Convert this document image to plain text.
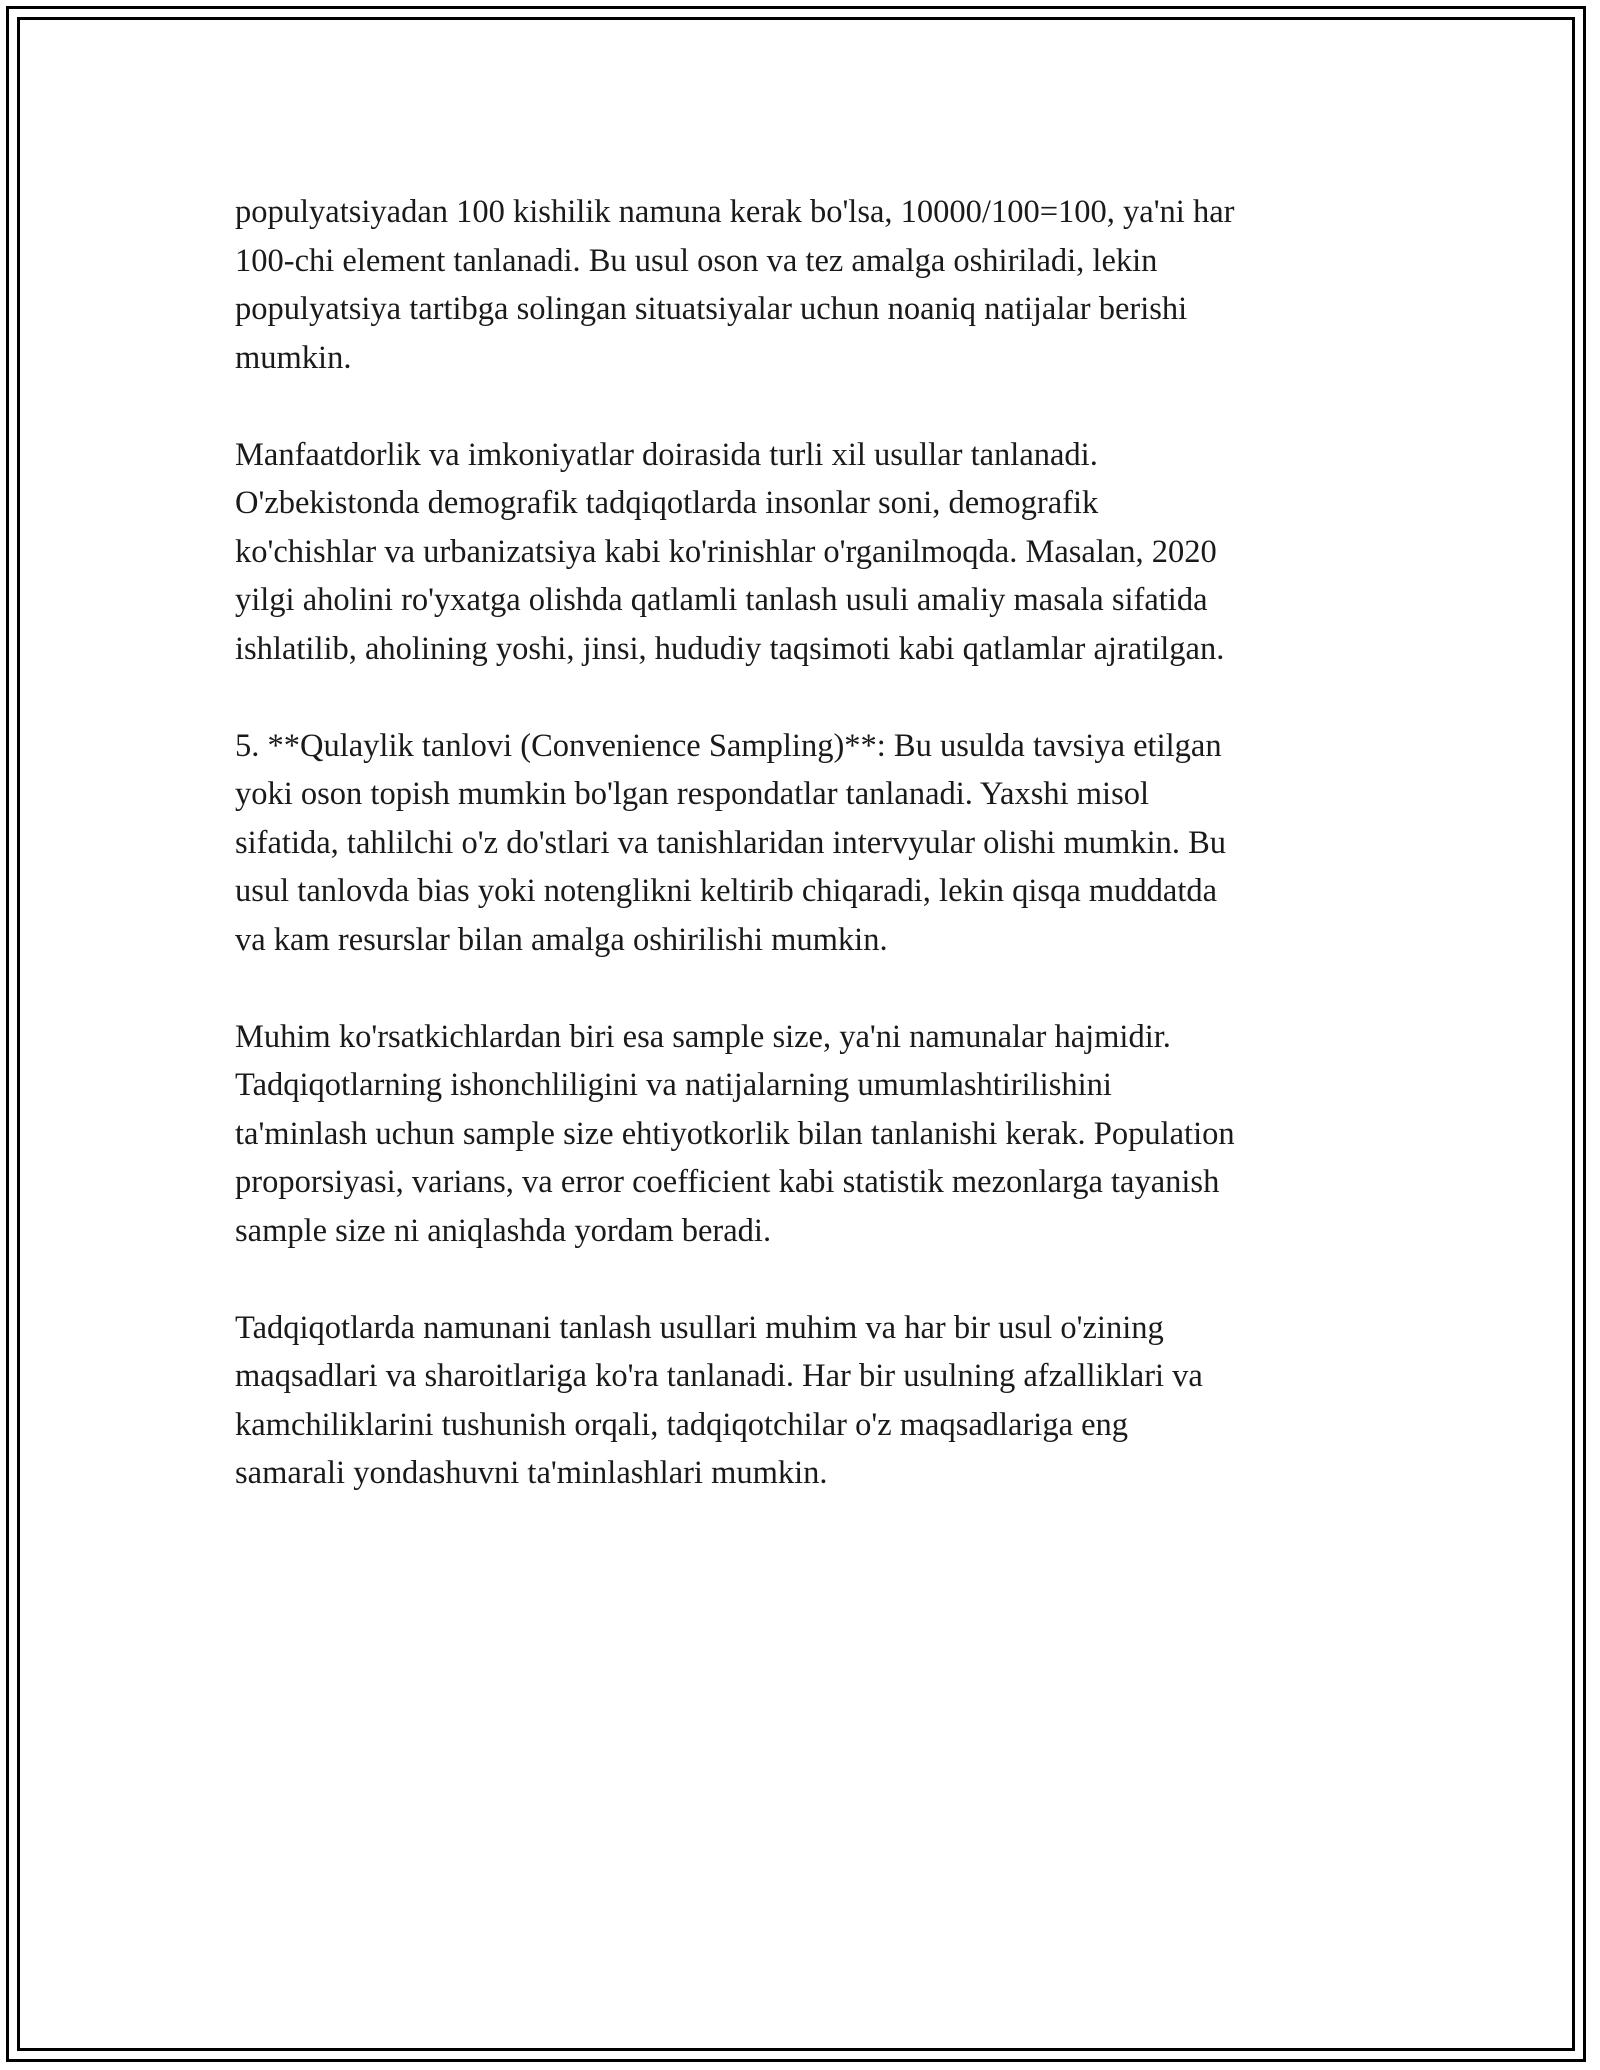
populyatsiyadan 100 kishilik namuna kerak bo'lsa, 10000/100=100, ya'ni har
100-chi element tanlanadi. Bu usul oson va tez amalga oshiriladi, lekin
populyatsiya tartibga solingan situatsiyalar uchun noaniq natijalar berishi
mumkin.

Manfaatdorlik va imkoniyatlar doirasida turli xil usullar tanlanadi.
O'zbekistonda demografik tadqiqotlarda insonlar soni, demografik
ko'chishlar va urbanizatsiya kabi ko'rinishlar o'rganilmoqda. Masalan, 2020
yilgi aholini ro'yxatga olishda qatlamli tanlash usuli amaliy masala sifatida
ishlatilib, aholining yoshi, jinsi, hududiy taqsimoti kabi qatlamlar ajratilgan.

5. **Qulaylik tanlovi (Convenience Sampling)**: Bu usulda tavsiya etilgan
yoki oson topish mumkin bo'lgan respondatlar tanlanadi. Yaxshi misol
sifatida, tahlilchi o'z do'stlari va tanishlaridan intervyular olishi mumkin. Bu
usul tanlovda bias yoki notenglikni keltirib chiqaradi, lekin qisqa muddatda
va kam resurslar bilan amalga oshirilishi mumkin.

Muhim ko'rsatkichlardan biri esa sample size, ya'ni namunalar hajmidir.
Tadqiqotlarning ishonchliligini va natijalarning umumlashtirilishini
ta'minlash uchun sample size ehtiyotkorlik bilan tanlanishi kerak. Population
proporsiyasi, varians, va error coefficient kabi statistik mezonlarga tayanish
sample size ni aniqlashda yordam beradi.

Tadqiqotlarda namunani tanlash usullari muhim va har bir usul o'zining
maqsadlari va sharoitlariga ko'ra tanlanadi. Har bir usulning afzalliklari va
kamchiliklarini tushunish orqali, tadqiqotchilar o'z maqsadlariga eng
samarali yondashuvni ta'minlashlari mumkin.
